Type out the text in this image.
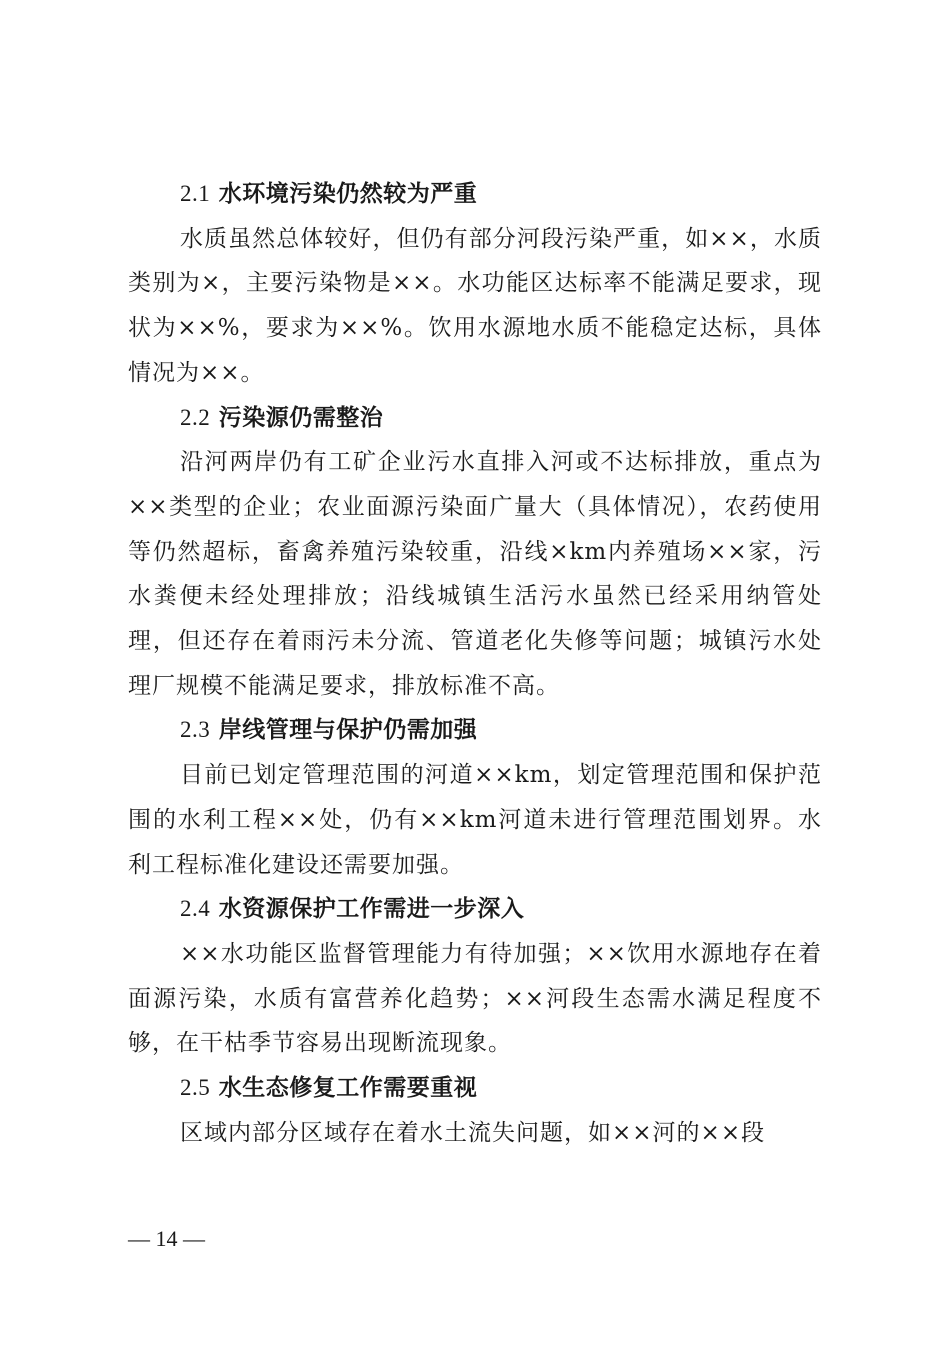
2.1 水环境污染仍然较为严重

水质虽然总体较好，但仍有部分河段污染严重，如××，水质类别为×，主要污染物是××。水功能区达标率不能满足要求，现状为××%，要求为××%。饮用水源地水质不能稳定达标，具体情况为××。

2.2 污染源仍需整治

沿河两岸仍有工矿企业污水直排入河或不达标排放，重点为××类型的企业；农业面源污染面广量大（具体情况），农药使用等仍然超标，畜禽养殖污染较重，沿线×km内养殖场××家，污水粪便未经处理排放；沿线城镇生活污水虽然已经采用纳管处理，但还存在着雨污未分流、管道老化失修等问题；城镇污水处理厂规模不能满足要求，排放标准不高。

2.3 岸线管理与保护仍需加强

目前已划定管理范围的河道××km，划定管理范围和保护范围的水利工程××处，仍有××km河道未进行管理范围划界。水利工程标准化建设还需要加强。

2.4 水资源保护工作需进一步深入

××水功能区监督管理能力有待加强；××饮用水源地存在着面源污染，水质有富营养化趋势；××河段生态需水满足程度不够，在干枯季节容易出现断流现象。

2.5 水生态修复工作需要重视

区域内部分区域存在着水土流失问题，如××河的××段

— 14 —
